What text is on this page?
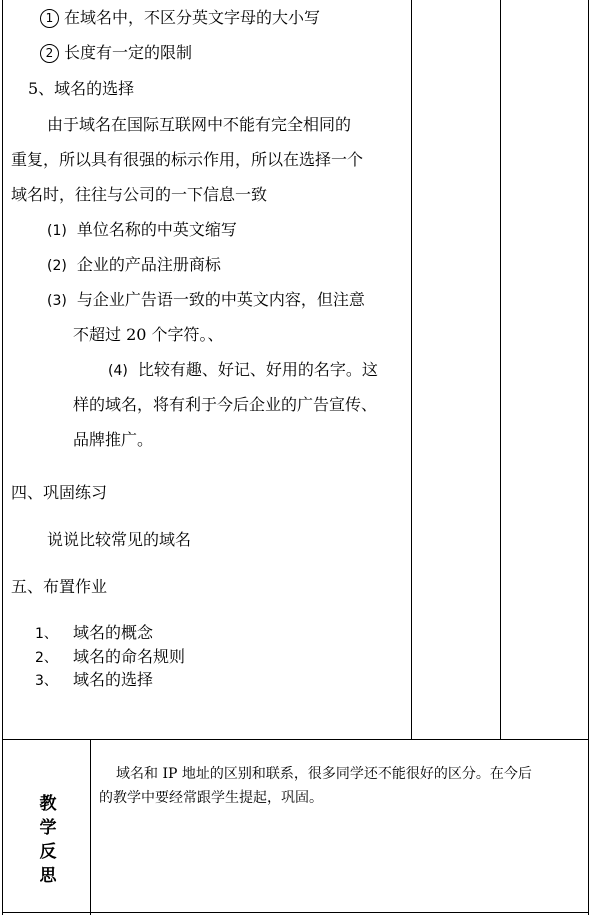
1 在域名中，不区分英文字母的大小写
2 长度有一定的限制
5、域名的选择
由于域名在国际互联网中不能有完全相同的
重复，所以具有很强的标示作用，所以在选择一个
域名时，往往与公司的一下信息一致
(1) 单位名称的中英文缩写
(2) 企业的产品注册商标
(3) 与企业广告语一致的中英文内容，但注意
不超过 20 个字符。、
(4) 比较有趣、好记、好用的名字。这
样的域名，将有利于今后企业的广告宣传、
品牌推广。
四、巩固练习
说说比较常见的域名
五、布置作业
1、 域名的概念
2、 域名的命名规则
3、 域名的选择
教
学
反
思
域名和 IP 地址的区别和联系，很多同学还不能很好的区分。在今后
的教学中要经常跟学生提起，巩固。
